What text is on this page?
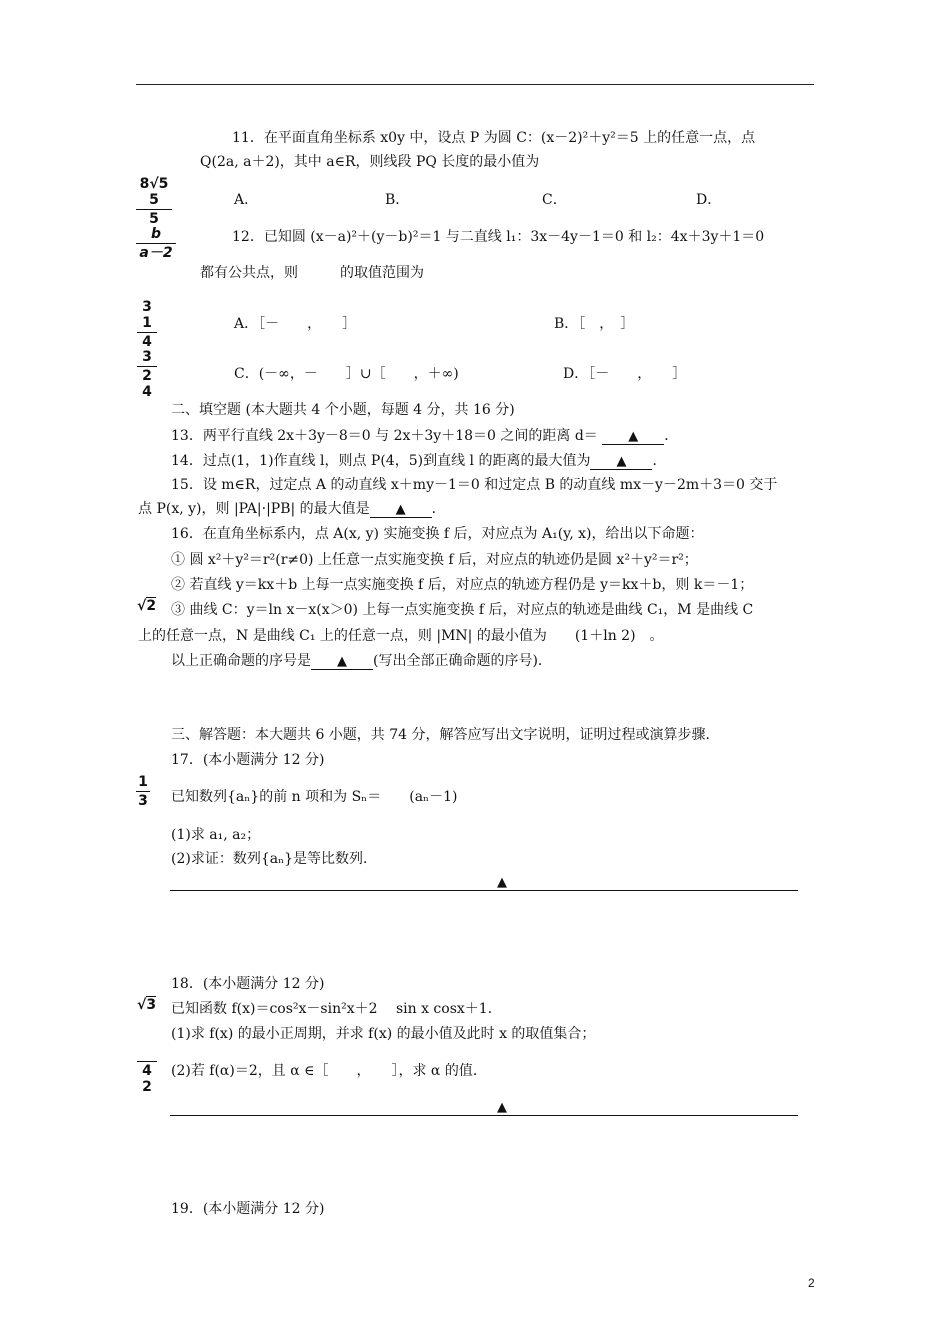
11．在平面直角坐标系 x0y 中，设点 P 为圆 C：(x－2)²＋y²＝5 上的任意一点，点
Q(2a, a＋2)，其中 a∈R，则线段 PQ 长度的最小值为
8√5 5
5
A．	B．	C．	D．
b
a－2
12．已知圆 (x－a)²＋(y－b)²＝1 与二直线 l₁：3x－4y－1＝0 和 l₂：4x＋3y＋1＝0
都有公共点，则　　　的取值范围为
3 1
4
A．［－　　，　　］	B．［　，　］
3
2 4
C．(－∞，－　　］∪［　　，＋∞)	D．［－　　，　　］
二、填空题 (本大题共 4 个小题，每题 4 分，共 16 分)
13．两平行直线 2x＋3y－8＝0 与 2x＋3y＋18＝0 之间的距离 d＝ ▲ ．
14．过点(1，1)作直线 l，则点 P(4，5)到直线 l 的距离的最大值为 ▲ ．
15．设 m∈R，过定点 A 的动直线 x＋my－1＝0 和过定点 B 的动直线 mx－y－2m＋3＝0 交于
点 P(x, y)，则 |PA|·|PB| 的最大值是 ▲ ．
16．在直角坐标系内，点 A(x, y) 实施变换 f 后，对应点为 A₁(y, x)，给出以下命题：
① 圆 x²＋y²＝r²(r≠0) 上任意一点实施变换 f 后，对应点的轨迹仍是圆 x²＋y²＝r²；
② 若直线 y＝kx＋b 上每一点实施变换 f 后，对应点的轨迹方程仍是 y＝kx＋b，则 k＝－1；
√2 ③ 曲线 C：y＝ln x－x(x＞0) 上每一点实施变换 f 后，对应点的轨迹是曲线 C₁，M 是曲线 C
上的任意一点，N 是曲线 C₁ 上的任意一点，则 |MN| 的最小值为　　(1＋ln 2)　。
以上正确命题的序号是 ▲ (写出全部正确命题的序号)．
三、解答题：本大题共 6 小题，共 74 分，解答应写出文字说明，证明过程或演算步骤．
17．(本小题满分 12 分)
1
3 已知数列{aₙ}的前 n 项和为 Sₙ＝　　(aₙ－1)
(1)求 a₁, a₂；
(2)求证：数列{aₙ}是等比数列．
▲
18．(本小题满分 12 分)
√3 已知函数 f(x)＝cos²x－sin²x＋2　 sin x cosx＋1．
(1)求 f(x) 的最小正周期，并求 f(x) 的最小值及此时 x 的取值集合；
4 2
(2)若 f(α)＝2，且 α ∈［　　，　　］，求 α 的值．
▲
19．(本小题满分 12 分)
2
